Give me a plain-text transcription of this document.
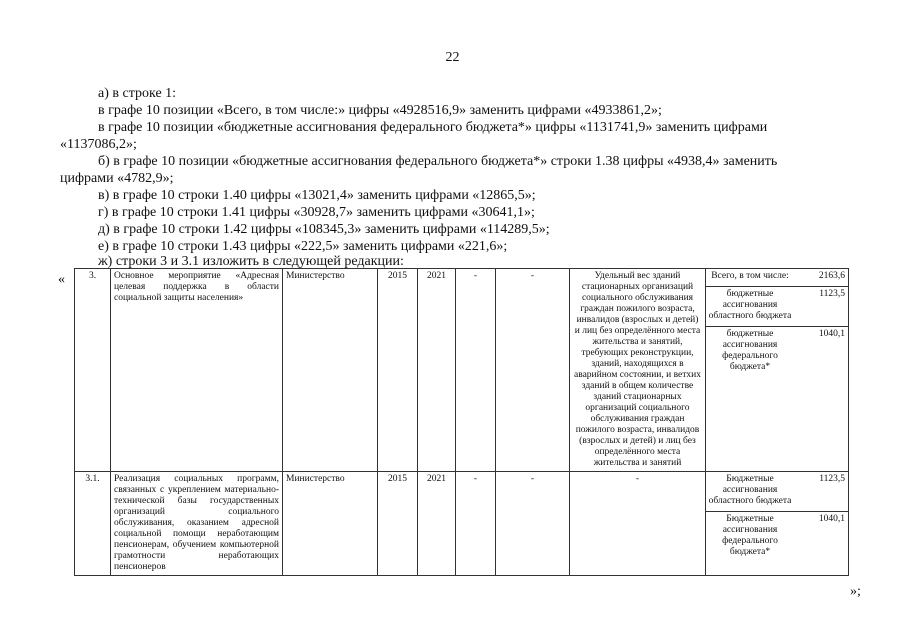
22
а) в строке 1:
в графе 10 позиции «Всего, в том числе:» цифры «4928516,9» заменить цифрами «4933861,2»;
в графе 10 позиции «бюджетные ассигнования федерального бюджета*» цифры «1131741,9» заменить цифрами
«1137086,2»;
б) в графе 10 позиции «бюджетные ассигнования федерального бюджета*» строки 1.38 цифры «4938,4» заменить
цифрами «4782,9»;
в) в графе 10 строки 1.40 цифры «13021,4» заменить цифрами «12865,5»;
г) в графе 10 строки 1.41 цифры «30928,7» заменить цифрами «30641,1»;
д) в графе 10 строки 1.42 цифры «108345,3» заменить цифрами «114289,5»;
е) в графе 10 строки 1.43 цифры «222,5» заменить цифрами «221,6»;
ж) строки 3 и 3.1 изложить в следующей редакции:
«	3.	Основное мероприятие «Адресная целевая поддержка в области социальной защиты населения»	Министерство	2015	2021	-	-	Удельный вес зданий стационарных организаций социального обслуживания граждан пожилого возраста, инвалидов (взрослых и детей) и лиц без определённого места жительства и занятий, требующих реконструкции, зданий, находящихся в аварийном состоянии, и ветхих зданий в общем количестве зданий стационарных организаций социального обслуживания граждан пожилого возраста, инвалидов (взрослых и детей) и лиц без определённого места жительства и занятий	
Всего, в том числе:	2163,6
бюджетные ассигнования областного бюджета	1123,5
бюджетные ассигнования федерального бюджета*	1040,1

3.1.	Реализация социальных программ, связанных с укреплением материально-технической базы государственных организаций социального обслуживания, оказанием адресной социальной помощи неработающим пенсионерам, обучением компьютерной грамотности неработающих пенсионеров	Министерство	2015	2021	-	-	-		Бюджетные ассигнования областного бюджета	1123,5
Бюджетные ассигнования федерального бюджета*	1040,1
»;
